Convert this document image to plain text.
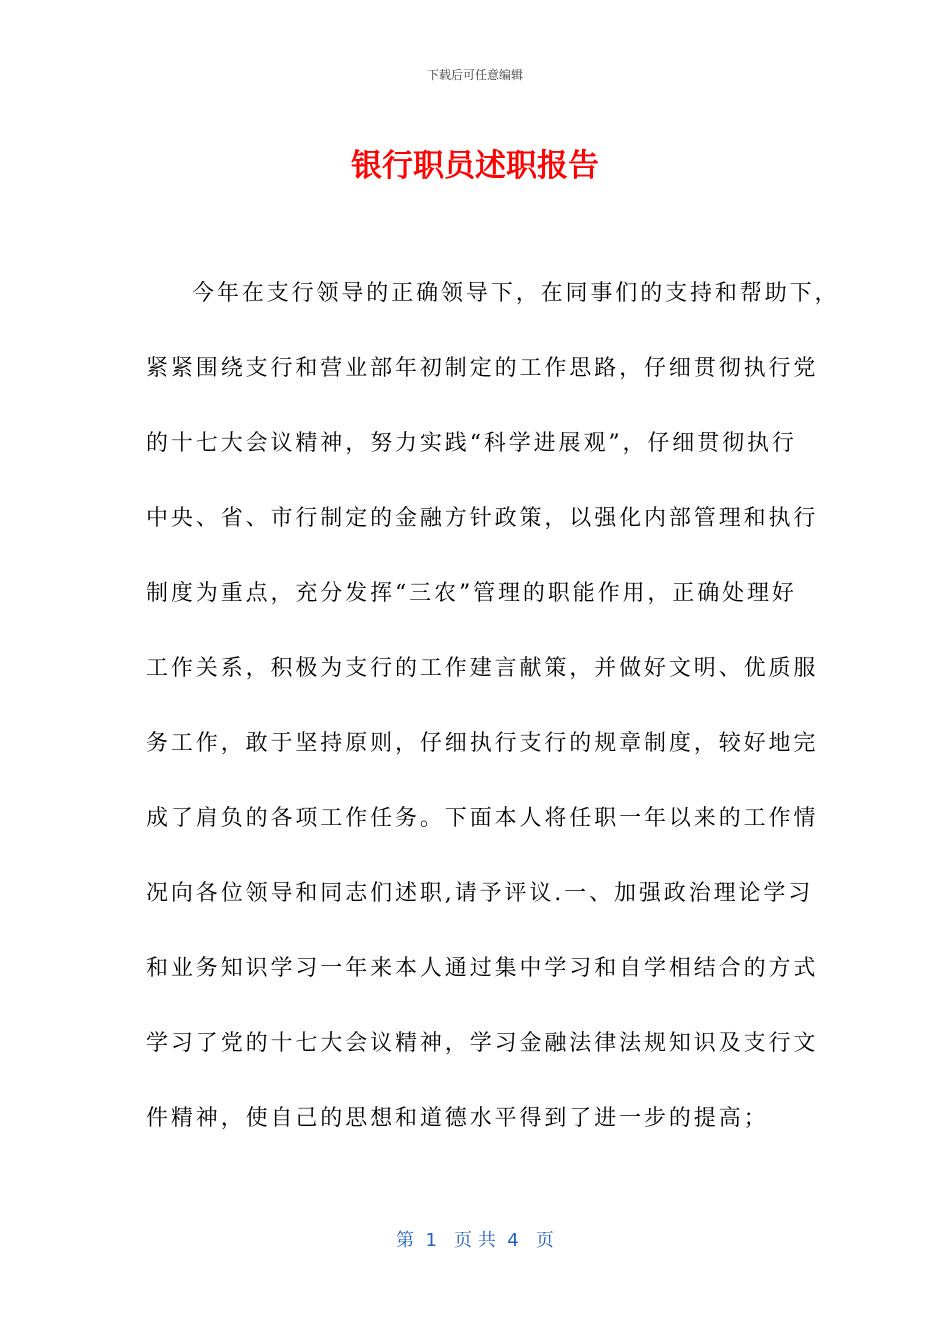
下载后可任意编辑
银行职员述职报告
今年在支行领导的正确领导下，在同事们的支持和帮助下，
紧紧围绕支行和营业部年初制定的工作思路，仔细贯彻执行党
的十七大会议精神，努力实践“科学进展观”，仔细贯彻执行
中央、省、市行制定的金融方针政策，以强化内部管理和执行
制度为重点，充分发挥“三农”管理的职能作用，正确处理好
工作关系，积极为支行的工作建言献策，并做好文明、优质服
务工作，敢于坚持原则，仔细执行支行的规章制度，较好地完
成了肩负的各项工作任务。下面本人将任职一年以来的工作情
况向各位领导和同志们述职,请予评议.一、加强政治理论学习
和业务知识学习一年来本人通过集中学习和自学相结合的方式
学习了党的十七大会议精神，学习金融法律法规知识及支行文
件精神，使自己的思想和道德水平得到了进一步的提高；
第  1   页 共  4   页
